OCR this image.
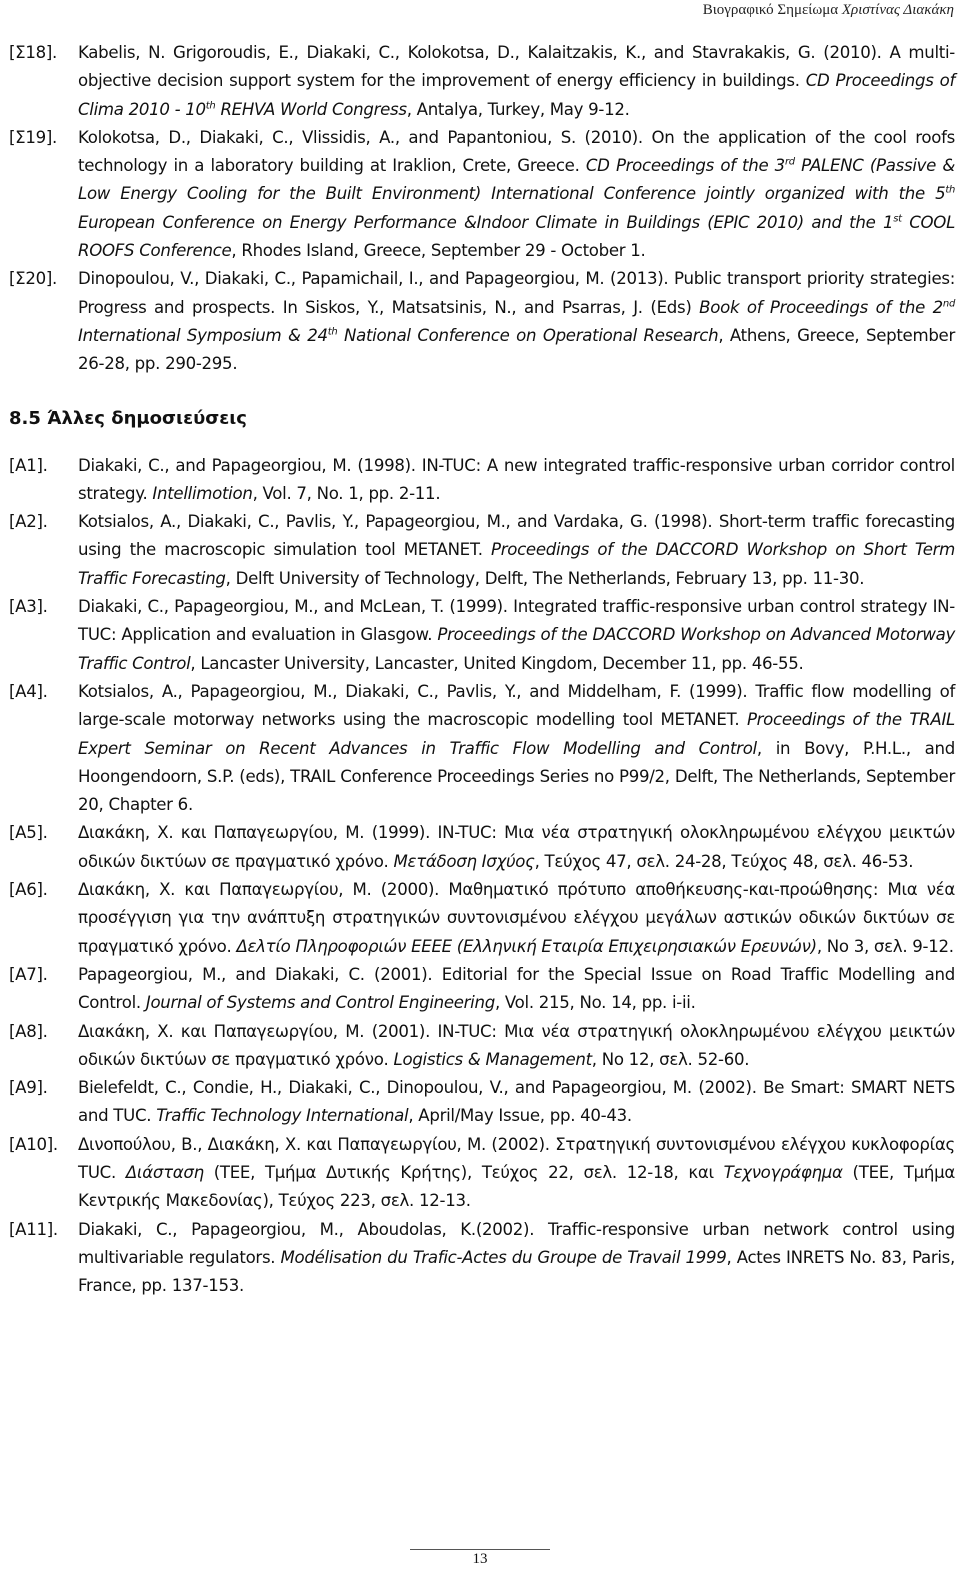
Βιογραφικό Σημείωμα Χριστίνας Διακάκη
[Σ18].	Kabelis, N. Grigoroudis, E., Diakaki, C., Kolokotsa, D., Kalaitzakis, K., and Stavrakakis, G. (2010). A multi-objective decision support system for the improvement of energy efficiency in buildings. CD Proceedings of Clima 2010 - 10th REHVA World Congress, Antalya, Turkey, May 9-12.
[Σ19].	Kolokotsa, D., Diakaki, C., Vlissidis, A., and Papantoniou, S. (2010). On the application of the cool roofs technology in a laboratory building at Iraklion, Crete, Greece. CD Proceedings of the 3rd PALENC (Passive & Low Energy Cooling for the Built Environment) International Conference jointly organized with the 5th European Conference on Energy Performance &Indoor Climate in Buildings (EPIC 2010) and the 1st COOL ROOFS Conference, Rhodes Island, Greece, September 29 - October 1.
[Σ20].	Dinopoulou, V., Diakaki, C., Papamichail, I., and Papageorgiou, M. (2013). Public transport priority strategies: Progress and prospects. In Siskos, Y., Matsatsinis, N., and Psarras, J. (Eds) Book of Proceedings of the 2nd International Symposium & 24th National Conference on Operational Research, Athens, Greece, September 26-28, pp. 290-295.
8.5 Άλλες δημοσιεύσεις
[A1].	Diakaki, C., and Papageorgiou, M. (1998). IN-TUC: A new integrated traffic-responsive urban corridor control strategy. Intellimotion, Vol. 7, No. 1, pp. 2-11.
[A2].	Kotsialos, A., Diakaki, C., Pavlis, Y., Papageorgiou, M., and Vardaka, G. (1998). Short-term traffic forecasting using the macroscopic simulation tool METANET. Proceedings of the DACCORD Workshop on Short Term Traffic Forecasting, Delft University of Technology, Delft, The Netherlands, February 13, pp. 11-30.
[A3].	Diakaki, C., Papageorgiou, M., and McLean, T. (1999). Integrated traffic-responsive urban control strategy IN-TUC: Application and evaluation in Glasgow. Proceedings of the DACCORD Workshop on Advanced Motorway Traffic Control, Lancaster University, Lancaster, United Kingdom, December 11, pp. 46-55.
[A4].	Kotsialos, A., Papageorgiou, M., Diakaki, C., Pavlis, Y., and Middelham, F. (1999). Traffic flow modelling of large-scale motorway networks using the macroscopic modelling tool METANET. Proceedings of the TRAIL Expert Seminar on Recent Advances in Traffic Flow Modelling and Control, in Bovy, P.H.L., and Hoongendoorn, S.P. (eds), TRAIL Conference Proceedings Series no P99/2, Delft, The Netherlands, September 20, Chapter 6.
[A5].	Διακάκη, Χ. και Παπαγεωργίου, Μ. (1999). IN-TUC: Μια νέα στρατηγική ολοκληρωμένου ελέγχου μεικτών οδικών δικτύων σε πραγματικό χρόνο. Μετάδοση Ισχύος, Τεύχος 47, σελ. 24-28, Τεύχος 48, σελ. 46-53.
[A6].	Διακάκη, Χ. και Παπαγεωργίου, Μ. (2000). Μαθηματικό πρότυπο αποθήκευσης-και-προώθησης: Μια νέα προσέγγιση για την ανάπτυξη στρατηγικών συντονισμένου ελέγχου μεγάλων αστικών οδικών δικτύων σε πραγματικό χρόνο. Δελτίο Πληροφοριών ΕΕΕΕ (Ελληνική Εταιρία Επιχειρησιακών Ερευνών), No 3, σελ. 9-12.
[A7].	Papageorgiou, M., and Diakaki, C. (2001). Editorial for the Special Issue on Road Traffic Modelling and Control. Journal of Systems and Control Engineering, Vol. 215, No. 14, pp. i-ii.
[A8].	Διακάκη, Χ. και Παπαγεωργίου, Μ. (2001). IN-TUC: Μια νέα στρατηγική ολοκληρωμένου ελέγχου μεικτών οδικών δικτύων σε πραγματικό χρόνο. Logistics & Management, No 12, σελ. 52-60.
[A9].	Bielefeldt, C., Condie, H., Diakaki, C., Dinopoulou, V., and Papageorgiou, M. (2002). Be Smart: SMART NETS and TUC. Traffic Technology International, April/May Issue, pp. 40-43.
[A10].	Δινοπούλου, Β., Διακάκη, Χ. και Παπαγεωργίου, Μ. (2002). Στρατηγική συντονισμένου ελέγχου κυκλοφορίας TUC. Διάσταση (ΤΕΕ, Τμήμα Δυτικής Κρήτης), Τεύχος 22, σελ. 12-18, και Τεχνογράφημα (ΤΕΕ, Τμήμα Κεντρικής Μακεδονίας), Τεύχος 223, σελ. 12-13.
[A11].	Diakaki, C., Papageorgiou, M., Aboudolas, K.(2002). Traffic-responsive urban network control using multivariable regulators. Modélisation du Trafic-Actes du Groupe de Travail 1999, Actes INRETS No. 83, Paris, France, pp. 137-153.
13
